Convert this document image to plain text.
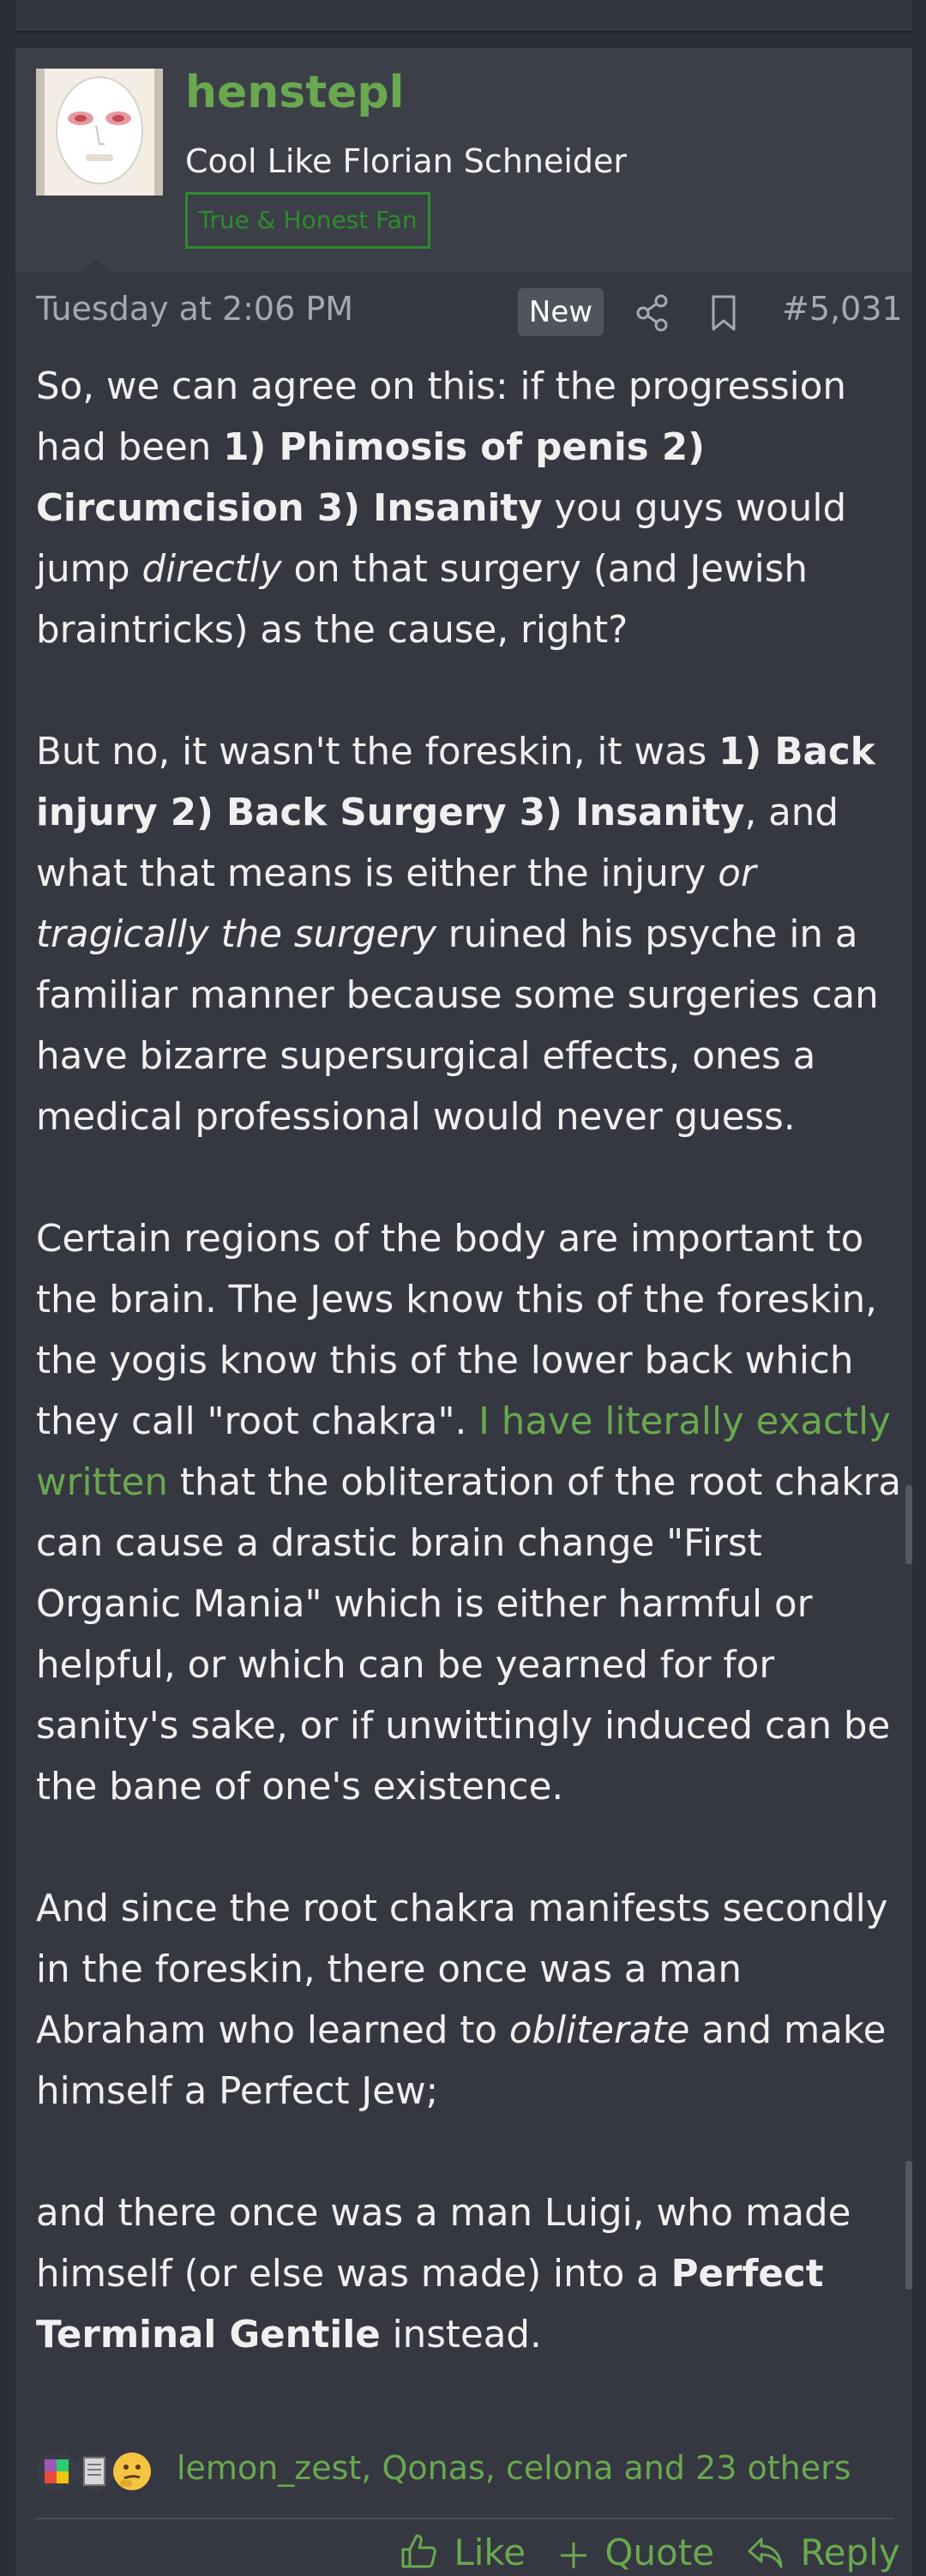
henstepl
Cool Like Florian Schneider
True & Honest Fan
Tuesday at 2:06 PM	New	#5,031

So, we can agree on this: if the progression had been 1) Phimosis of penis 2) Circumcision 3) Insanity you guys would jump directly on that surgery (and Jewish braintricks) as the cause, right?

But no, it wasn't the foreskin, it was 1) Back injury 2) Back Surgery 3) Insanity, and what that means is either the injury or tragically the surgery ruined his psyche in a familiar manner because some surgeries can have bizarre supersurgical effects, ones a medical professional would never guess.

Certain regions of the body are important to the brain. The Jews know this of the foreskin, the yogis know this of the lower back which they call "root chakra". I have literally exactly written that the obliteration of the root chakra can cause a drastic brain change "First Organic Mania" which is either harmful or helpful, or which can be yearned for for sanity's sake, or if unwittingly induced can be the bane of one's existence.

And since the root chakra manifests secondly in the foreskin, there once was a man Abraham who learned to obliterate and make himself a Perfect Jew;

and there once was a man Luigi, who made himself (or else was made) into a Perfect Terminal Gentile instead.

lemon_zest, Qonas, celona and 23 others
Like	Quote	Reply
